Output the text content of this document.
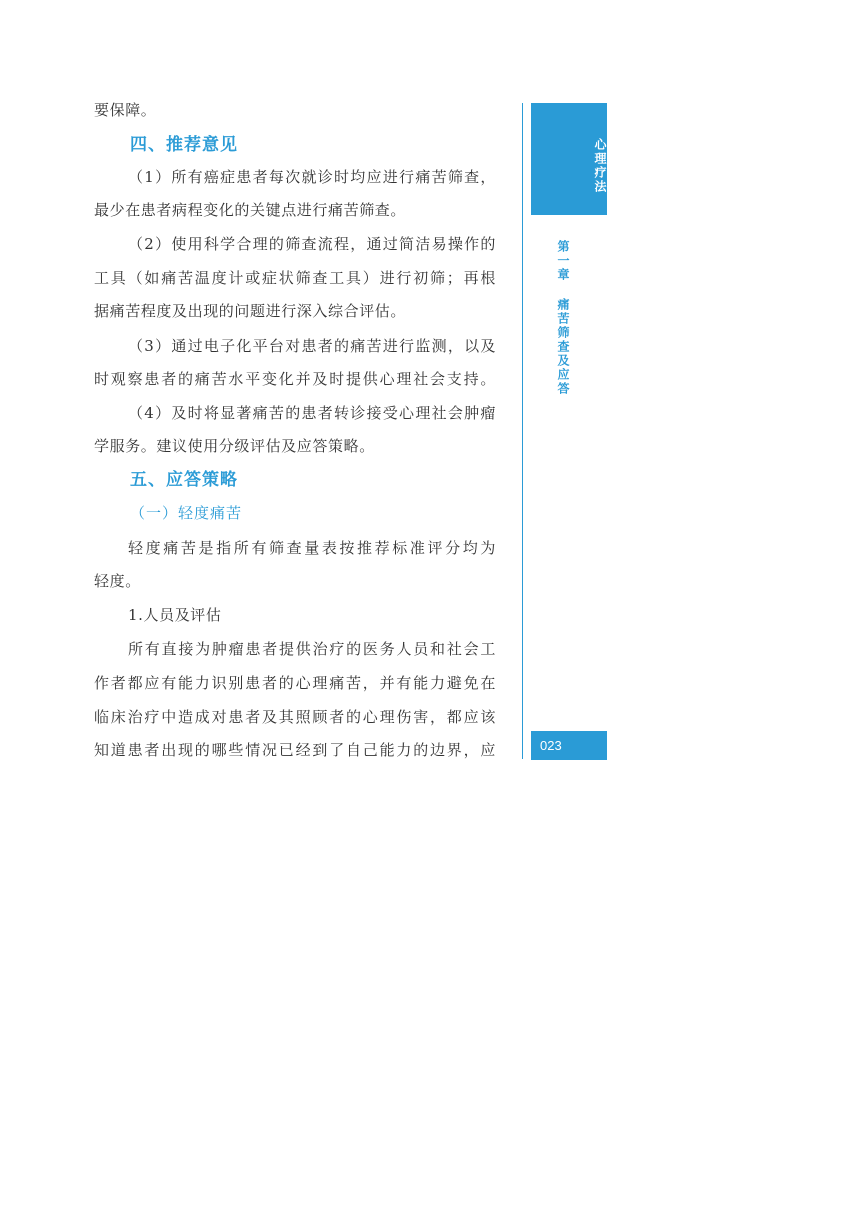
要保障。
四、推荐意见
（1）所有癌症患者每次就诊时均应进行痛苦筛查，
最少在患者病程变化的关键点进行痛苦筛查。
（2）使用科学合理的筛查流程，通过简洁易操作的
工具（如痛苦温度计或症状筛查工具）进行初筛；再根
据痛苦程度及出现的问题进行深入综合评估。
（3）通过电子化平台对患者的痛苦进行监测，以及
时观察患者的痛苦水平变化并及时提供心理社会支持。
（4）及时将显著痛苦的患者转诊接受心理社会肿瘤
学服务。建议使用分级评估及应答策略。
五、应答策略
（一）轻度痛苦
轻度痛苦是指所有筛查量表按推荐标准评分均为
轻度。
1.人员及评估
所有直接为肿瘤患者提供治疗的医务人员和社会工
作者都应有能力识别患者的心理痛苦，并有能力避免在
临床治疗中造成对患者及其照顾者的心理伤害，都应该
知道患者出现的哪些情况已经到了自己能力的边界，应
心理疗法
第一章 痛苦筛查及应答
023
